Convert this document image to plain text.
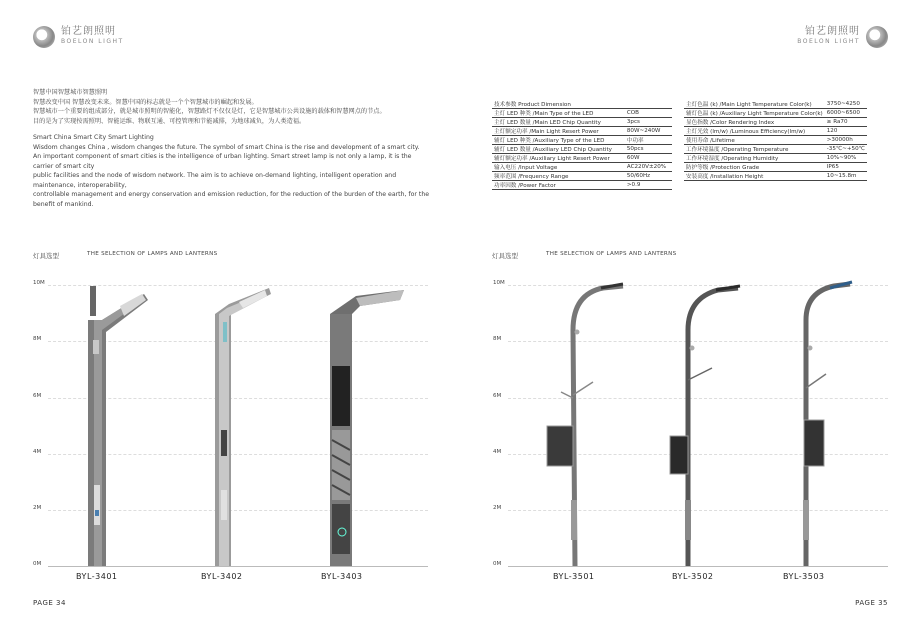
铂艺朗照明
BOELON LIGHT

智慧中国智慧城市智慧照明

智慧改变中国 智慧改变未来。智慧中国的标志就是一个个智慧城市的崛起和发展。

智慧城市一个重要的组成部分，就是城市照明的智能化，智慧路灯不仅仅是灯，它是智慧城市公共设施的载体和智慧网点的节点。

目的是为了实现按需照明、智能运维、物联互通、可控管理和节能减排，为地球减负，为人类造福。

Smart China Smart City Smart Lighting

Wisdom changes China , wisdom changes the future. The symbol of smart China is the rise and development of a smart city.

An important component of smart cities is the intelligence of urban lighting. Smart street lamp is not only a lamp, it is the carrier of smart city

public facilities and the node of wisdom network. The aim is to achieve on-demand lighting, intelligent operation and maintenance, interoperability,

controllable management and energy conservation and emission reduction, for the reduction of the burden of the earth, for the benefit of mankind.

灯具选型	THE SELECTION OF LAMPS AND LANTERNS
10M
8M
6M
4M
2M
0M
BYL-3401	BYL-3402	BYL-3403
PAGE 34
铂艺朗照明
BOELON LIGHT
技术参数 Product Dimension	
主灯 LED 种类 /Main Type of the LED	COB
主灯 LED 数量 /Main LED Chip Quantity	3pcs
主灯额定功率 /Main Light Resert Power	80W~240W
辅灯 LED 种类 /Auxiliary Type of the LED	中功率
辅灯 LED 数量 /Auxiliary LED Chip Quantity	50pcs
辅灯额定功率 /Auxiliary Light Resert Power	60W
输入电压 /Input Voltage	AC220V±20%
频率范围 /Frequency Range	50/60Hz
功率因数 /Power Factor	>0.9
主灯色温 (k) /Main Light Temperature Color(k)	3750~4250
辅灯色温 (k) /Auxiliary Light Temperature Color(k)	6000~6500
显色指数 /Color Rendering Index	≥ Ra70
主灯光效 (lm/w) /Luminous Efficiency(lm/w)	120
使用寿命 /Lifetime	>30000h
工作环境温度 /Operating Temperature	-35℃~+50℃
工作环境湿度 /Operating Humidity	10%~90%
防护等级 /Protection Grade	IP65
安装高度 /Installation Height	10~15.8m
灯具选型	THE SELECTION OF LAMPS AND LANTERNS
10M
8M
6M
4M
2M
0M
BYL-3501	BYL-3502	BYL-3503
PAGE 35
